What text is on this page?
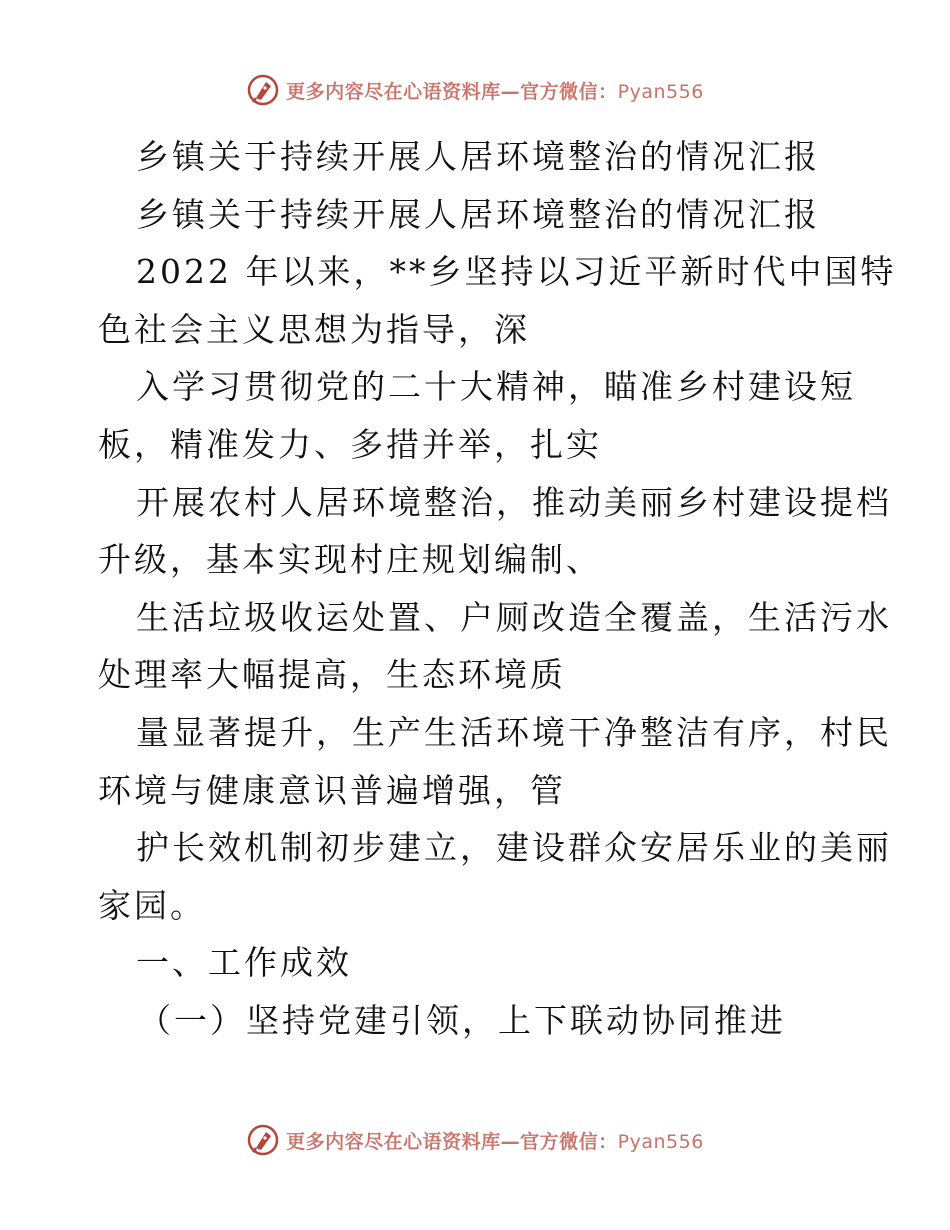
更多内容尽在心语资料库—官方微信：Pyan556
乡镇关于持续开展人居环境整治的情况汇报
乡镇关于持续开展人居环境整治的情况汇报
2022 年以来，**乡坚持以习近平新时代中国特
色社会主义思想为指导，深
入学习贯彻党的二十大精神，瞄准乡村建设短
板，精准发力、多措并举，扎实
开展农村人居环境整治，推动美丽乡村建设提档
升级，基本实现村庄规划编制、
生活垃圾收运处置、户厕改造全覆盖，生活污水
处理率大幅提高，生态环境质
量显著提升，生产生活环境干净整洁有序，村民
环境与健康意识普遍增强，管
护长效机制初步建立，建设群众安居乐业的美丽
家园。
一、工作成效
（一）坚持党建引领，上下联动协同推进
更多内容尽在心语资料库—官方微信：Pyan556
